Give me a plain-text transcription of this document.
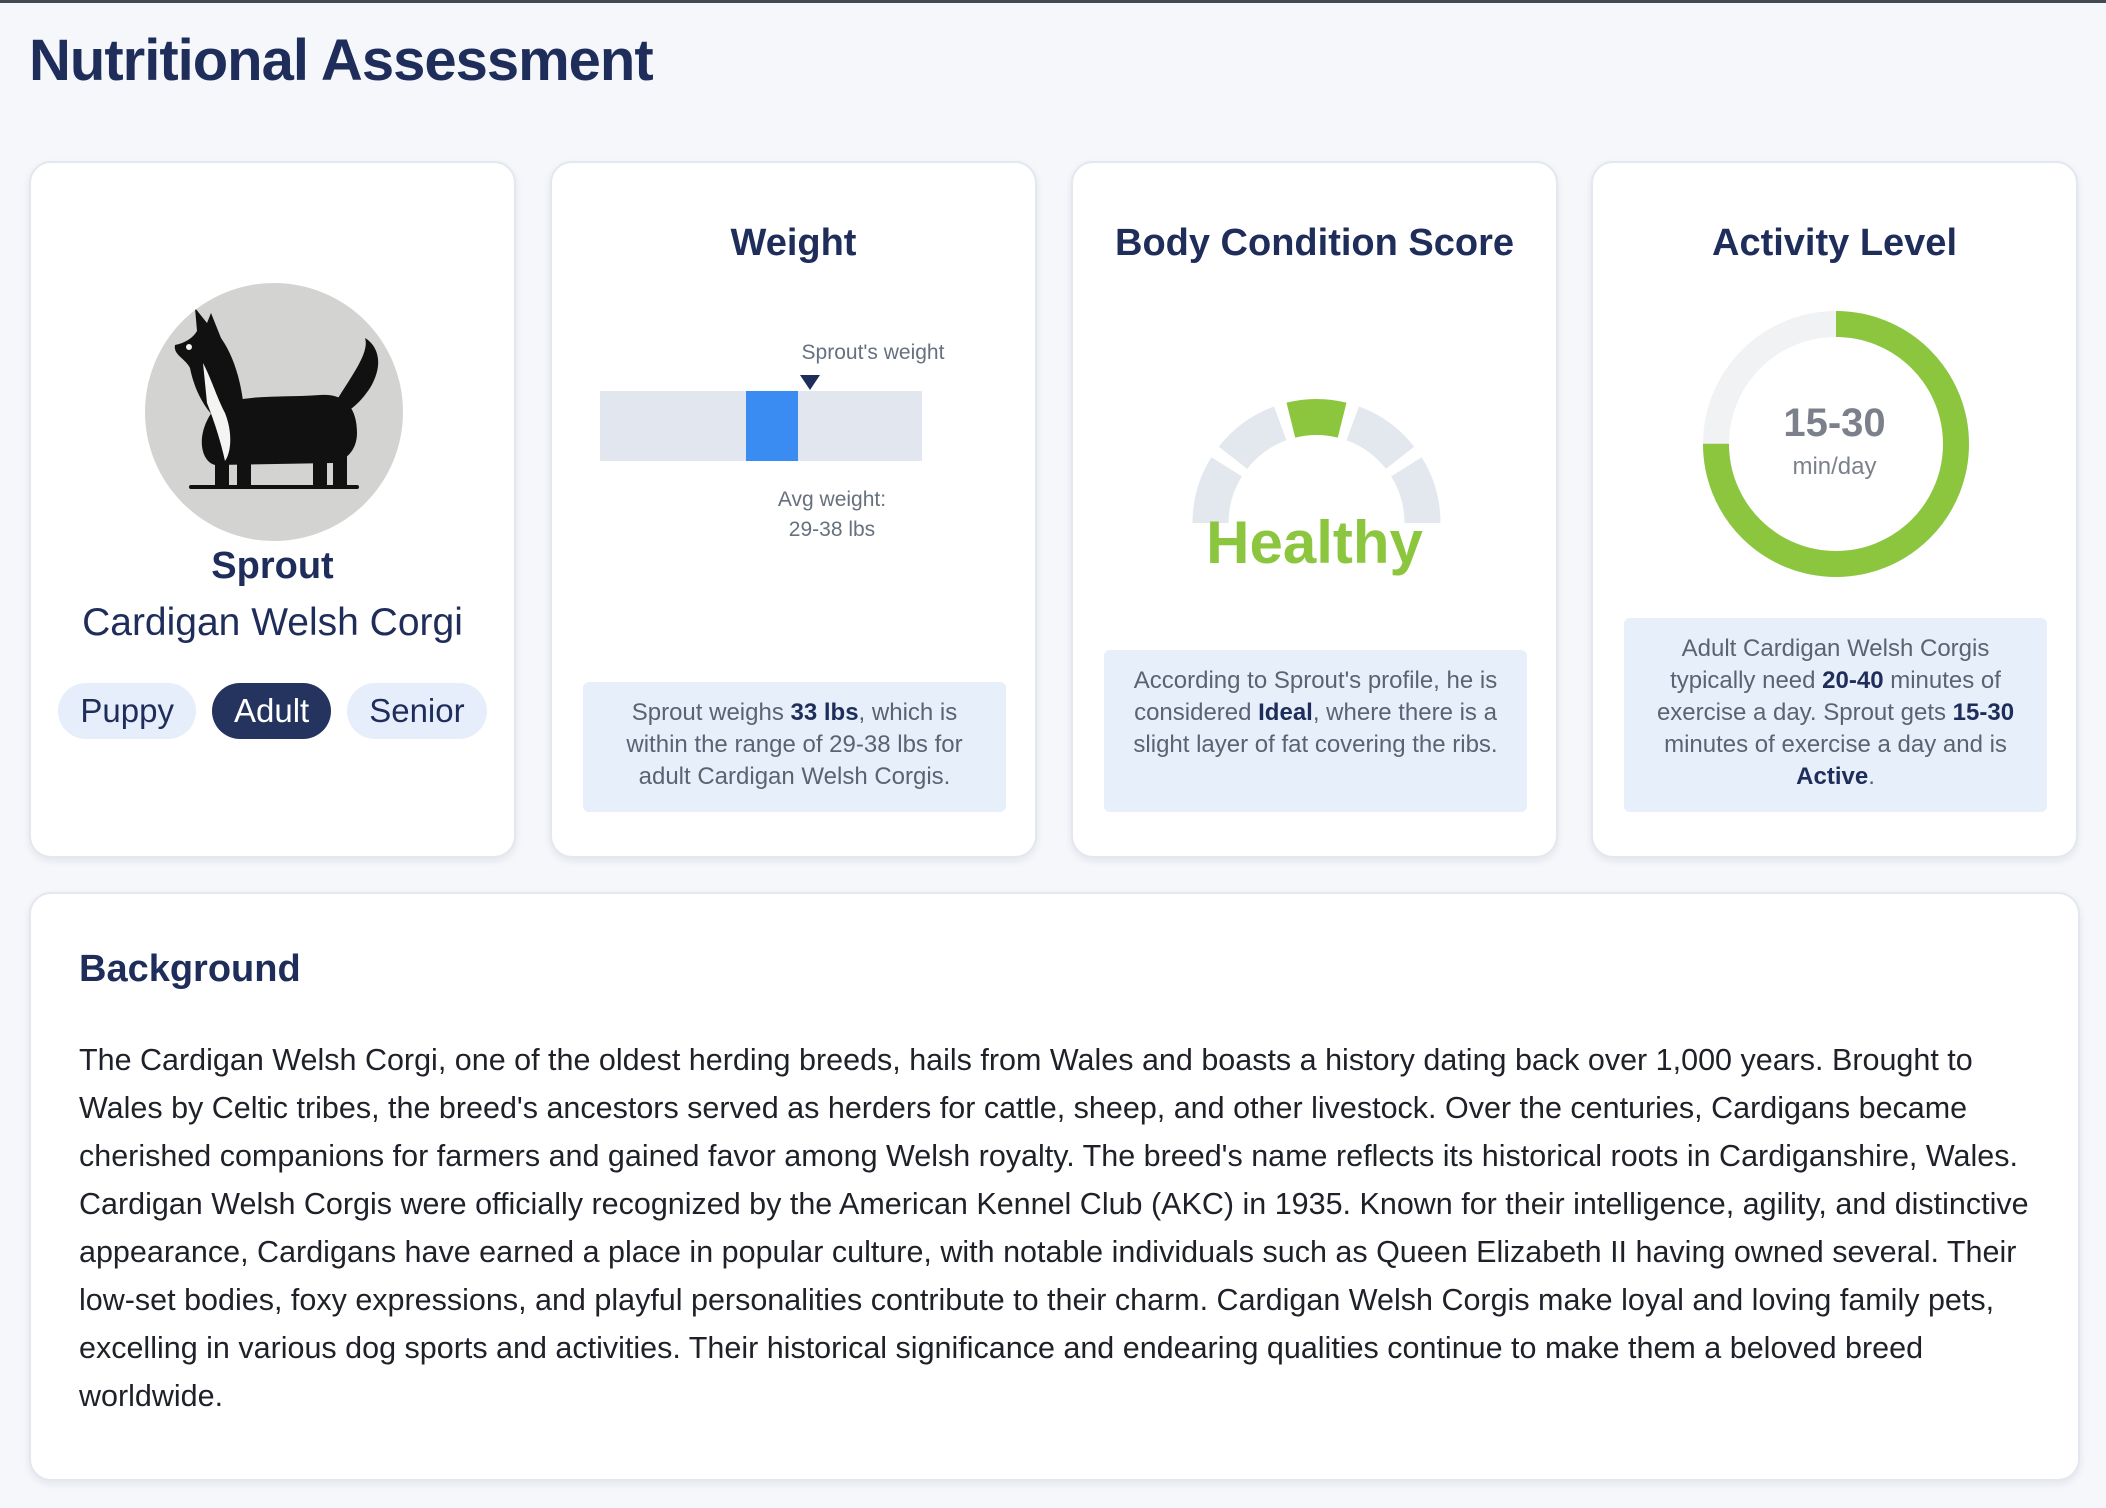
Nutritional Assessment
Sprout
Cardigan Welsh Corgi
Puppy	Adult	Senior
Weight
Sprout's weight
Avg weight:
29-38 lbs
Sprout weighs 33 lbs, which is within the range of 29-38 lbs for adult Cardigan Welsh Corgis.
Body Condition Score
Healthy
According to Sprout's profile, he is considered Ideal, where there is a slight layer of fat covering the ribs.
Activity Level
15-30
min/day
Adult Cardigan Welsh Corgis typically need 20-40 minutes of exercise a day. Sprout gets 15-30 minutes of exercise a day and is Active.
Background

The Cardigan Welsh Corgi, one of the oldest herding breeds, hails from Wales and boasts a history dating back over 1,000 years. Brought to Wales by Celtic tribes, the breed's ancestors served as herders for cattle, sheep, and other livestock. Over the centuries, Cardigans became cherished companions for farmers and gained favor among Welsh royalty. The breed's name reflects its historical roots in Cardiganshire, Wales. Cardigan Welsh Corgis were officially recognized by the American Kennel Club (AKC) in 1935. Known for their intelligence, agility, and distinctive appearance, Cardigans have earned a place in popular culture, with notable individuals such as Queen Elizabeth II having owned several. Their low-set bodies, foxy expressions, and playful personalities contribute to their charm. Cardigan Welsh Corgis make loyal and loving family pets, excelling in various dog sports and activities. Their historical significance and endearing qualities continue to make them a beloved breed worldwide.
